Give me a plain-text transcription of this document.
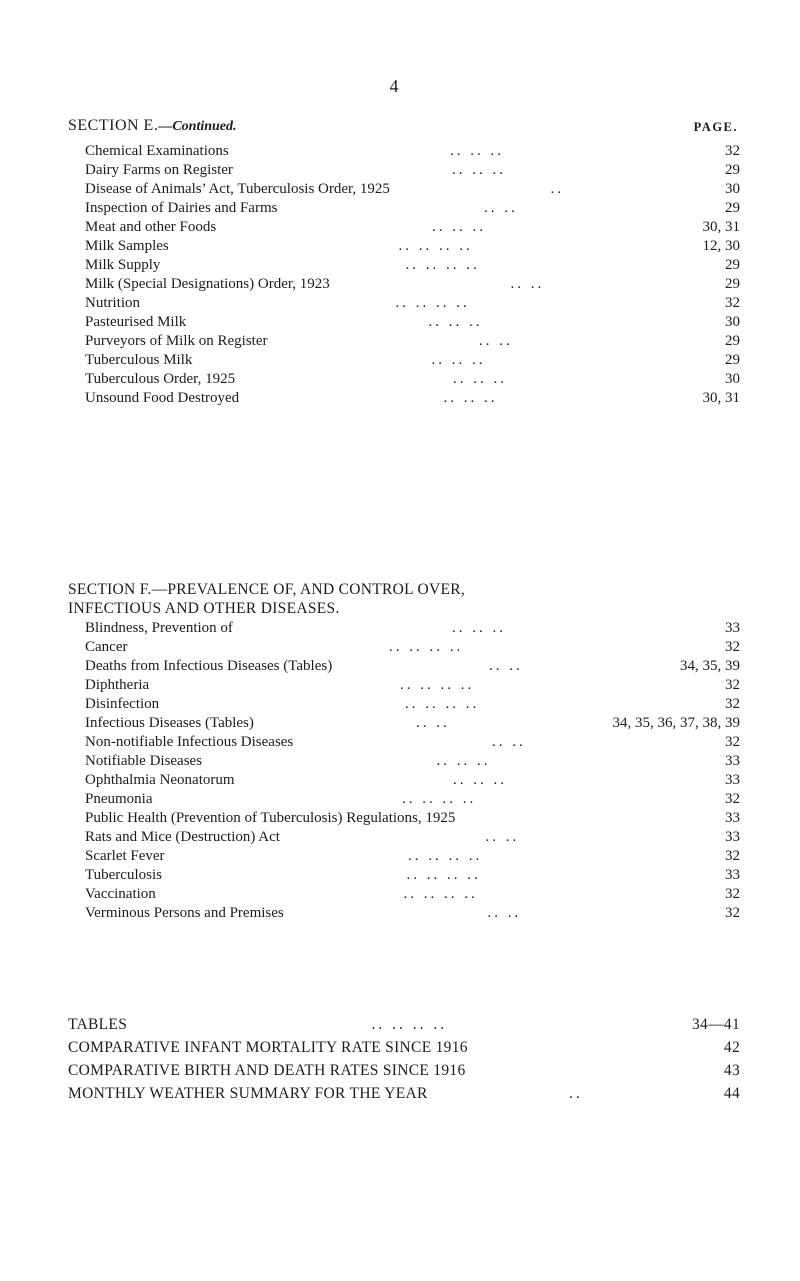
4
SECTION E.—Continued.	PAGE.
Chemical Examinations	.. .. ..	32
Dairy Farms on Register	.. .. ..	29
Disease of Animals’ Act, Tuberculosis Order, 1925	..	30
Inspection of Dairies and Farms	.. ..	29
Meat and other Foods	.. .. ..	30, 31
Milk Samples	.. .. .. ..	12, 30
Milk Supply	.. .. .. ..	29
Milk (Special Designations) Order, 1923	.. ..	29
Nutrition	.. .. .. ..	32
Pasteurised Milk	.. .. ..	30
Purveyors of Milk on Register	.. ..	29
Tuberculous Milk	.. .. ..	29
Tuberculous Order, 1925	.. .. ..	30
Unsound Food Destroyed	.. .. ..	30, 31
SECTION F.—PREVALENCE OF, AND CONTROL OVER,
INFECTIOUS AND OTHER DISEASES.
Blindness, Prevention of	.. .. ..	33
Cancer	.. .. .. ..	32
Deaths from Infectious Diseases (Tables)	.. ..	34, 35, 39
Diphtheria	.. .. .. ..	32
Disinfection	.. .. .. ..	32
Infectious Diseases (Tables)	.. ..	34, 35, 36, 37, 38, 39
Non-notifiable Infectious Diseases	.. ..	32
Notifiable Diseases	.. .. ..	33
Ophthalmia Neonatorum	.. .. ..	33
Pneumonia	.. .. .. ..	32
Public Health (Prevention of Tuberculosis) Regulations, 1925	33
Rats and Mice (Destruction) Act	.. ..	33
Scarlet Fever	.. .. .. ..	32
Tuberculosis	.. .. .. ..	33
Vaccination	.. .. .. ..	32
Verminous Persons and Premises	.. ..	32
TABLES	.. .. .. ..	34—41
COMPARATIVE INFANT MORTALITY RATE SINCE 1916	42
COMPARATIVE BIRTH AND DEATH RATES SINCE 1916	43
MONTHLY WEATHER SUMMARY FOR THE YEAR	..	44
